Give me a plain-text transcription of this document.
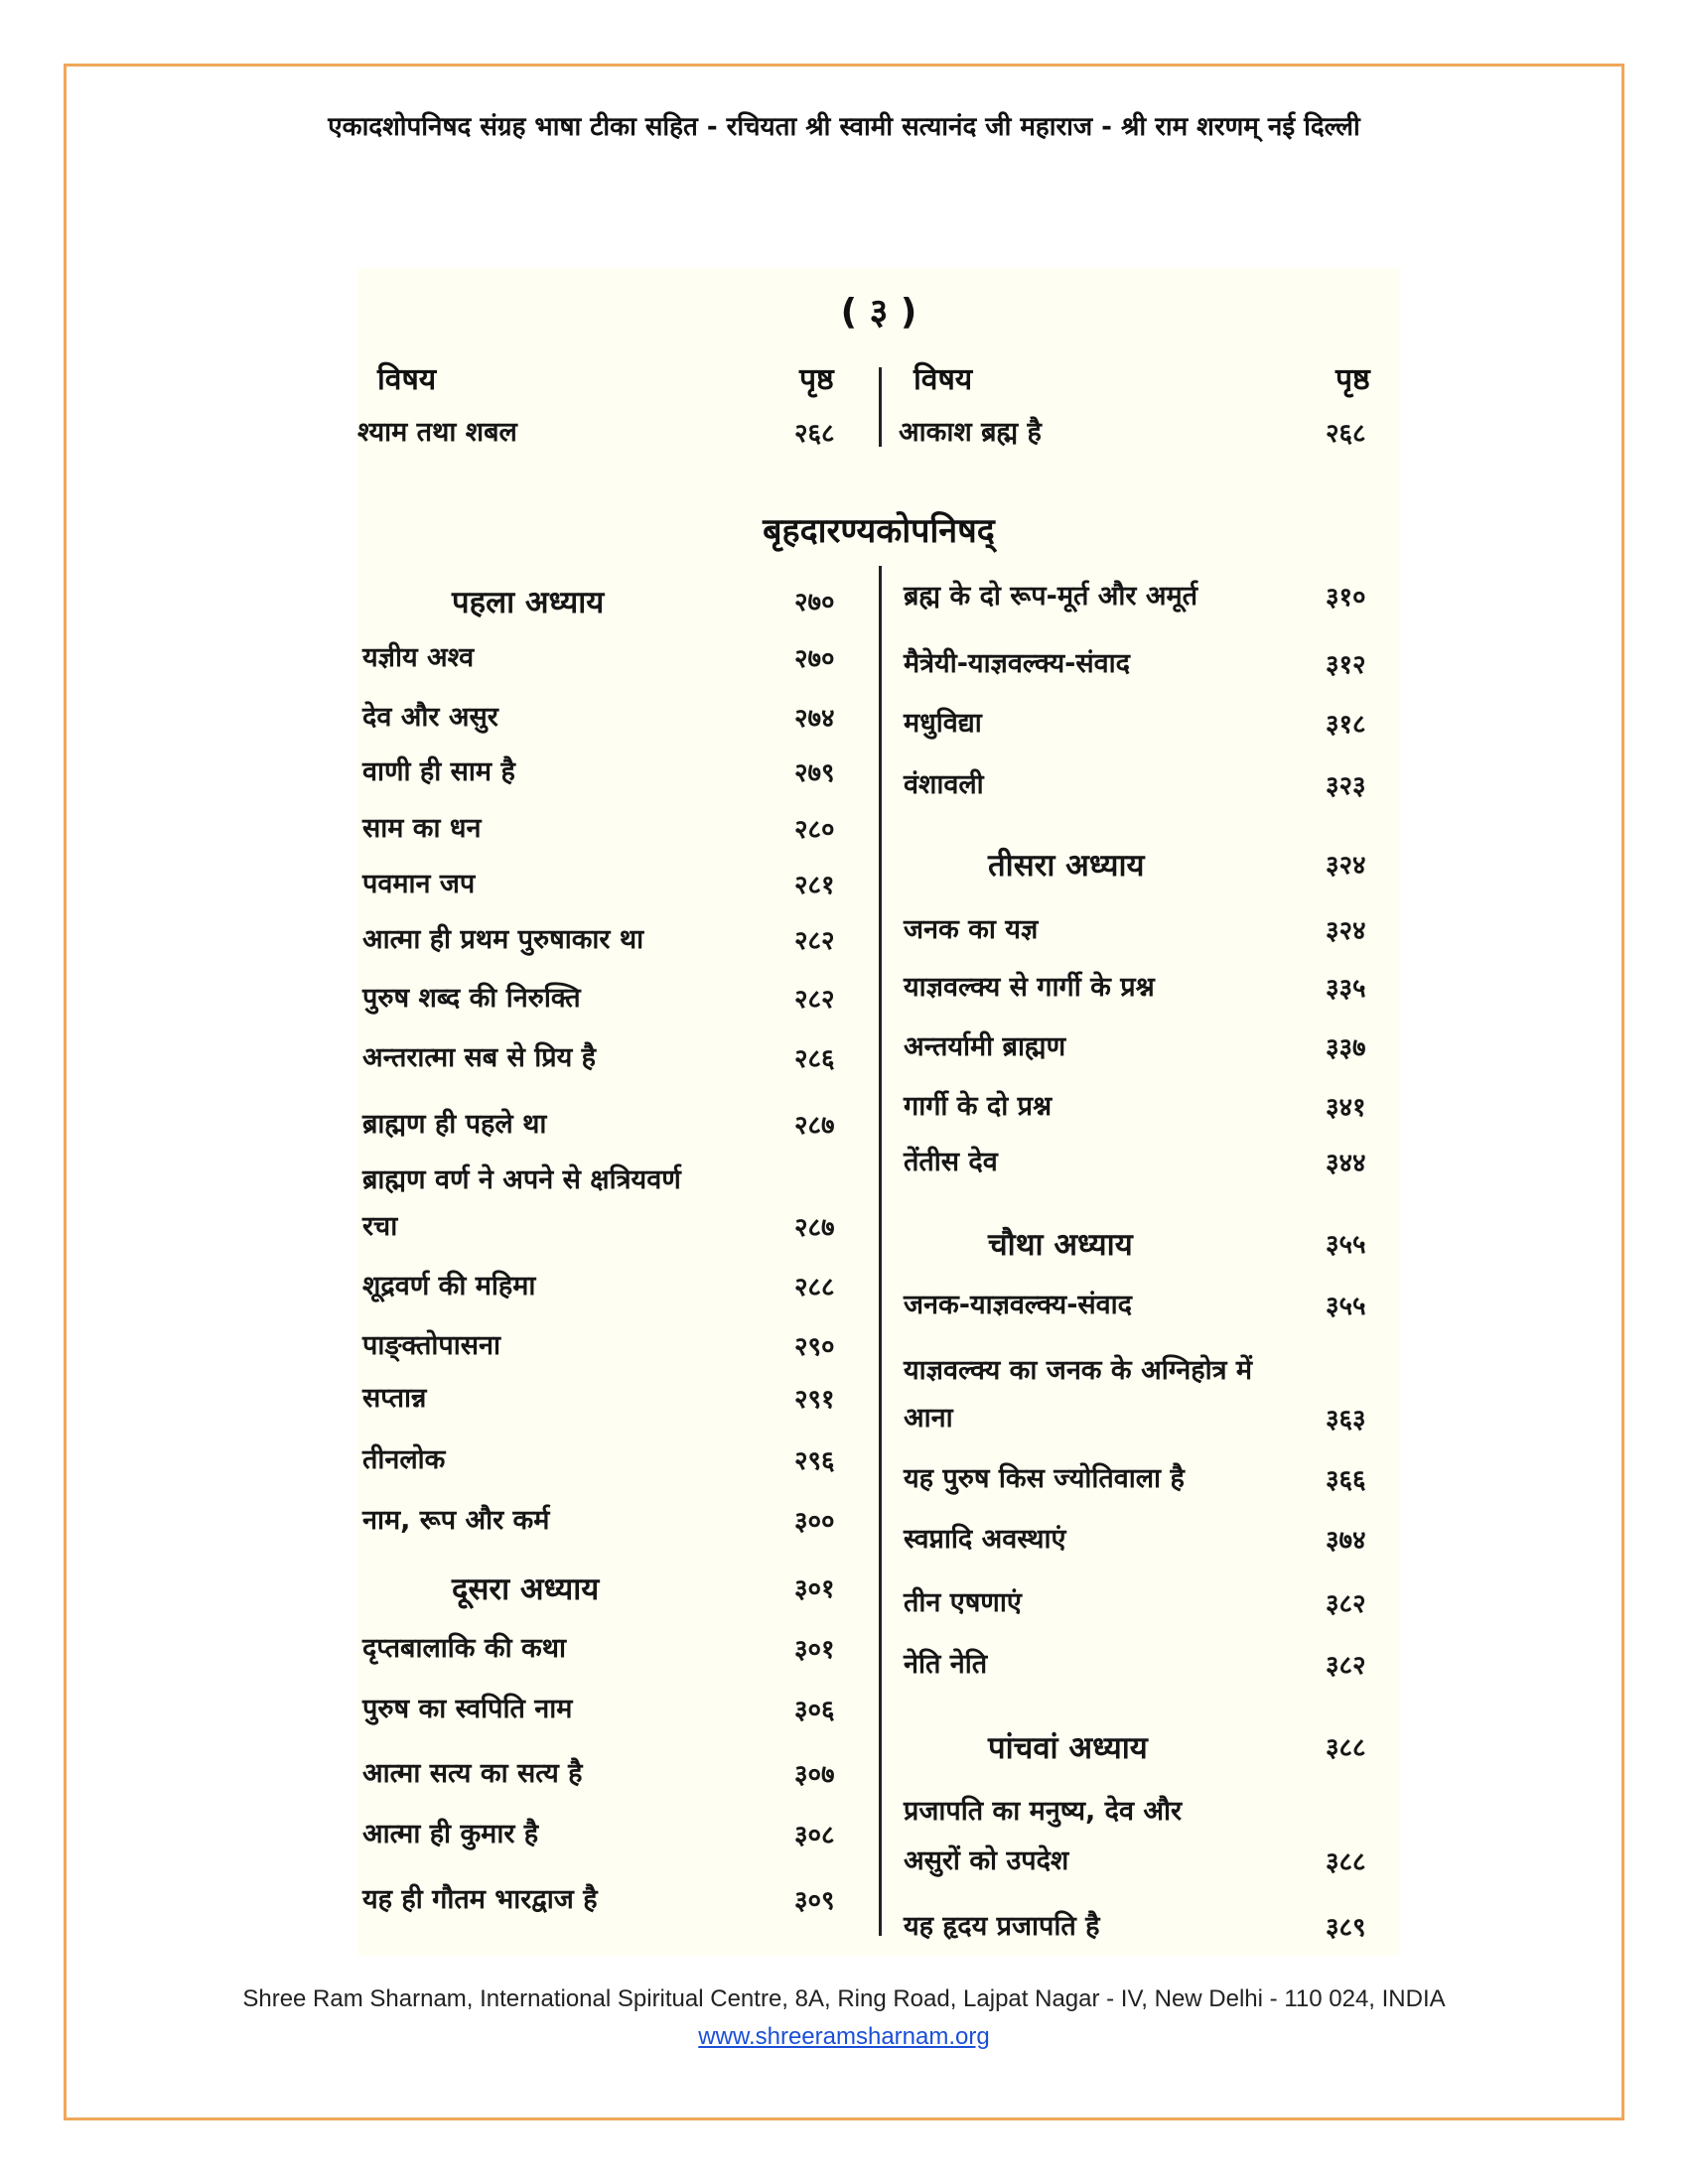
एकादशोपनिषद संग्रह भाषा टीका सहित - रचियता श्री स्वामी सत्यानंद जी महाराज - श्री राम शरणम् नई दिल्ली
( ३ )
विषय	पृष्ठ	विषय	पृष्ठ
श्याम तथा शबल	२६८ आकाश ब्रह्म है	२६८
बृहदारण्यकोपनिषद्
पहला अध्याय	२७०
यज्ञीय अश्व	२७०
देव और असुर	२७४
वाणी ही साम है	२७९
साम का धन	२८०
पवमान जप	२८१
आत्मा ही प्रथम पुरुषाकार था	२८२
पुरुष शब्द की निरुक्ति	२८२
अन्तरात्मा सब से प्रिय है	२८६
ब्राह्मण ही पहले था	२८७
ब्राह्मण वर्ण ने अपने से क्षत्रियवर्ण
रचा	२८७
शूद्रवर्ण की महिमा	२८८
पाङ्क्तोपासना	२९०
सप्तान्न	२९१
तीनलोक	२९६
नाम, रूप और कर्म	३००
दूसरा अध्याय	३०१
दृप्तबालाकि की कथा	३०१
पुरुष का स्वपिति नाम	३०६
आत्मा सत्य का सत्य है	३०७
आत्मा ही कुमार है	३०८
यह ही गौतम भारद्वाज है	३०९
ब्रह्म के दो रूप-मूर्त और अमूर्त	३१०
मैत्रेयी-याज्ञवल्क्य-संवाद	३१२
मधुविद्या	३१८
वंशावली	३२३
तीसरा अध्याय	३२४
जनक का यज्ञ	३२४
याज्ञवल्क्य से गार्गी के प्रश्न	३३५
अन्तर्यामी ब्राह्मण	३३७
गार्गी के दो प्रश्न	३४१
तेंतीस देव	३४४
चौथा अध्याय	३५५
जनक-याज्ञवल्क्य-संवाद	३५५
याज्ञवल्क्य का जनक के अग्निहोत्र में
आना	३६३
यह पुरुष किस ज्योतिवाला है	३६६
स्वप्नादि अवस्थाएं	३७४
तीन एषणाएं	३८२
नेति नेति	३८२
पांचवां अध्याय	३८८
प्रजापति का मनुष्य, देव और
असुरों को उपदेश	३८८
यह हृदय प्रजापति है	३८९
Shree Ram Sharnam, International Spiritual Centre, 8A, Ring Road, Lajpat Nagar - IV, New Delhi - 110 024, INDIA
www.shreeramsharnam.org
